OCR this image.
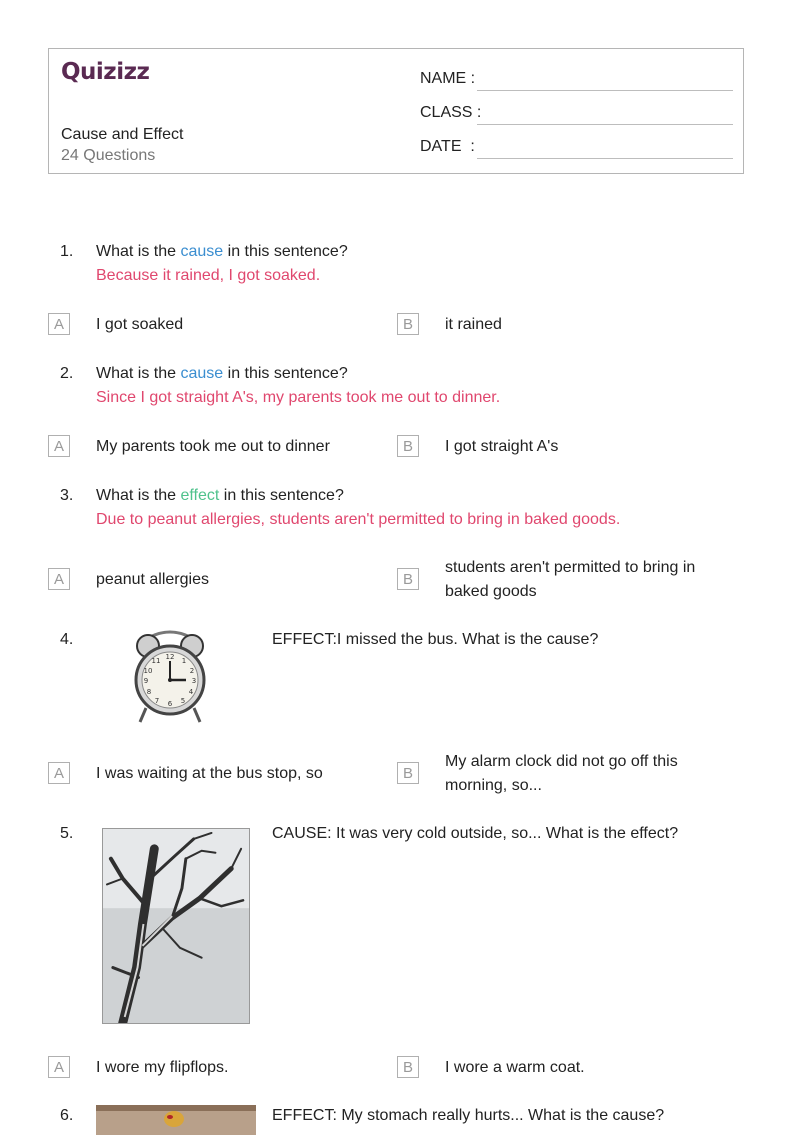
Quizizz
Cause and Effect
24 Questions
NAME :
CLASS :
DATE  :
1. What is the cause in this sentence?
Because it rained, I got soaked.
A	I got soaked	B	it rained
2. What is the cause in this sentence?
Since I got straight A's, my parents took me out to dinner.
A	My parents took me out to dinner	B	I got straight A's
3. What is the effect in this sentence?
Due to peanut allergies, students aren't permitted to bring in baked goods.
A	peanut allergies	B
students aren't permitted to bring in baked goods
4.
12 1
2
3
4
5
6
7
8
9
10
11
EFFECT:I missed the bus. What is the cause?
A	I was waiting at the bus stop, so	B
My alarm clock did not go off this morning, so...
5.	CAUSE: It was very cold outside, so... What is the effect?
A	I wore my flipflops.	B	I wore a warm coat.
6.	EFFECT: My stomach really hurts... What is the cause?
